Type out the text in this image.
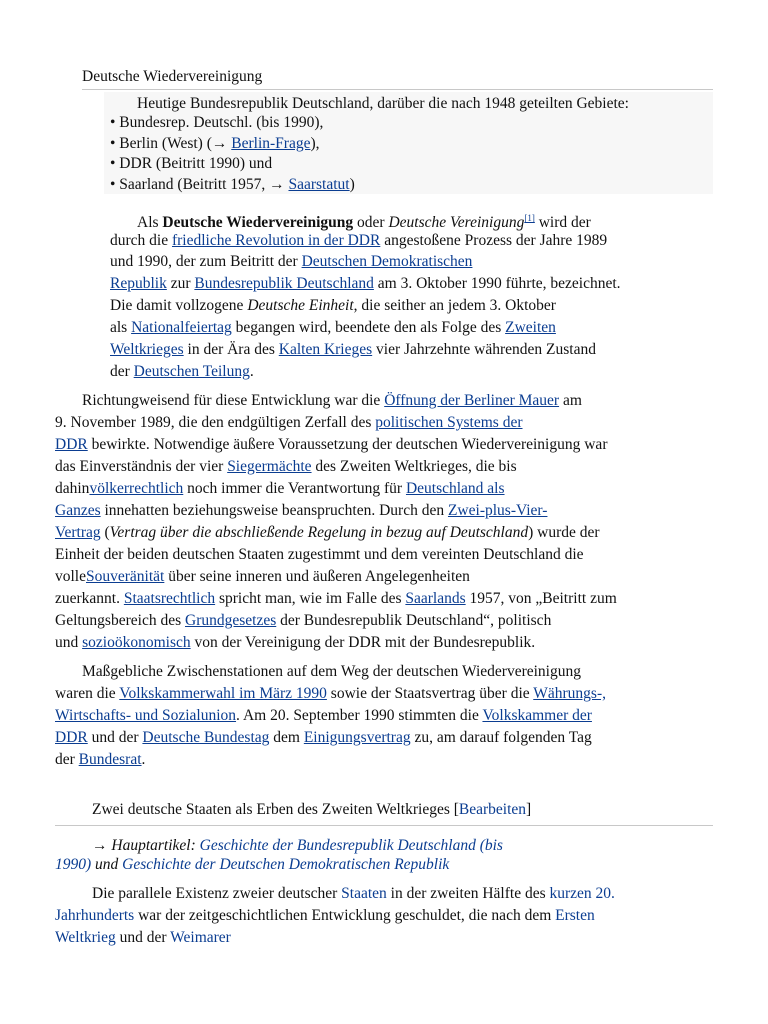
Deutsche Wiedervereinigung
Heutige Bundesrepublik Deutschland, darüber die nach 1948 geteilten Gebiete:
• Bundesrep. Deutschl. (bis 1990),
• Berlin (West) (→ Berlin-Frage),
• DDR (Beitritt 1990) und
• Saarland (Beitritt 1957, → Saarstatut)
Als Deutsche Wiedervereinigung oder Deutsche Vereinigung[1] wird der
durch die friedliche Revolution in der DDR angestoßene Prozess der Jahre 1989
und 1990, der zum Beitritt der Deutschen Demokratischen
Republik zur Bundesrepublik Deutschland am 3. Oktober 1990 führte, bezeichnet.
Die damit vollzogene Deutsche Einheit, die seither an jedem 3. Oktober
als Nationalfeiertag begangen wird, beendete den als Folge des Zweiten
Weltkrieges in der Ära des Kalten Krieges vier Jahrzehnte währenden Zustand
der Deutschen Teilung.
Richtungweisend für diese Entwicklung war die Öffnung der Berliner Mauer am
9. November 1989, die den endgültigen Zerfall des politischen Systems der
DDR bewirkte. Notwendige äußere Voraussetzung der deutschen Wiedervereinigung war
das Einverständnis der vier Siegermächte des Zweiten Weltkrieges, die bis
dahinvölkerrechtlich noch immer die Verantwortung für Deutschland als
Ganzes innehatten beziehungsweise beanspruchten. Durch den Zwei-plus-Vier-
Vertrag (Vertrag über die abschließende Regelung in bezug auf Deutschland) wurde der
Einheit der beiden deutschen Staaten zugestimmt und dem vereinten Deutschland die
volleSouveränität über seine inneren und äußeren Angelegenheiten
zuerkannt. Staatsrechtlich spricht man, wie im Falle des Saarlands 1957, von „Beitritt zum
Geltungsbereich des Grundgesetzes der Bundesrepublik Deutschland“, politisch
und sozioökonomisch von der Vereinigung der DDR mit der Bundesrepublik.
Maßgebliche Zwischenstationen auf dem Weg der deutschen Wiedervereinigung
waren die Volkskammerwahl im März 1990 sowie der Staatsvertrag über die Währungs-,
Wirtschafts- und Sozialunion. Am 20. September 1990 stimmten die Volkskammer der
DDR und der Deutsche Bundestag dem Einigungsvertrag zu, am darauf folgenden Tag
der Bundesrat.
Zwei deutsche Staaten als Erben des Zweiten Weltkrieges [Bearbeiten]
→ Hauptartikel: Geschichte der Bundesrepublik Deutschland (bis
1990) und Geschichte der Deutschen Demokratischen Republik
Die parallele Existenz zweier deutscher Staaten in der zweiten Hälfte des kurzen 20.
Jahrhunderts war der zeitgeschichtlichen Entwicklung geschuldet, die nach dem Ersten
Weltkrieg und der Weimarer
